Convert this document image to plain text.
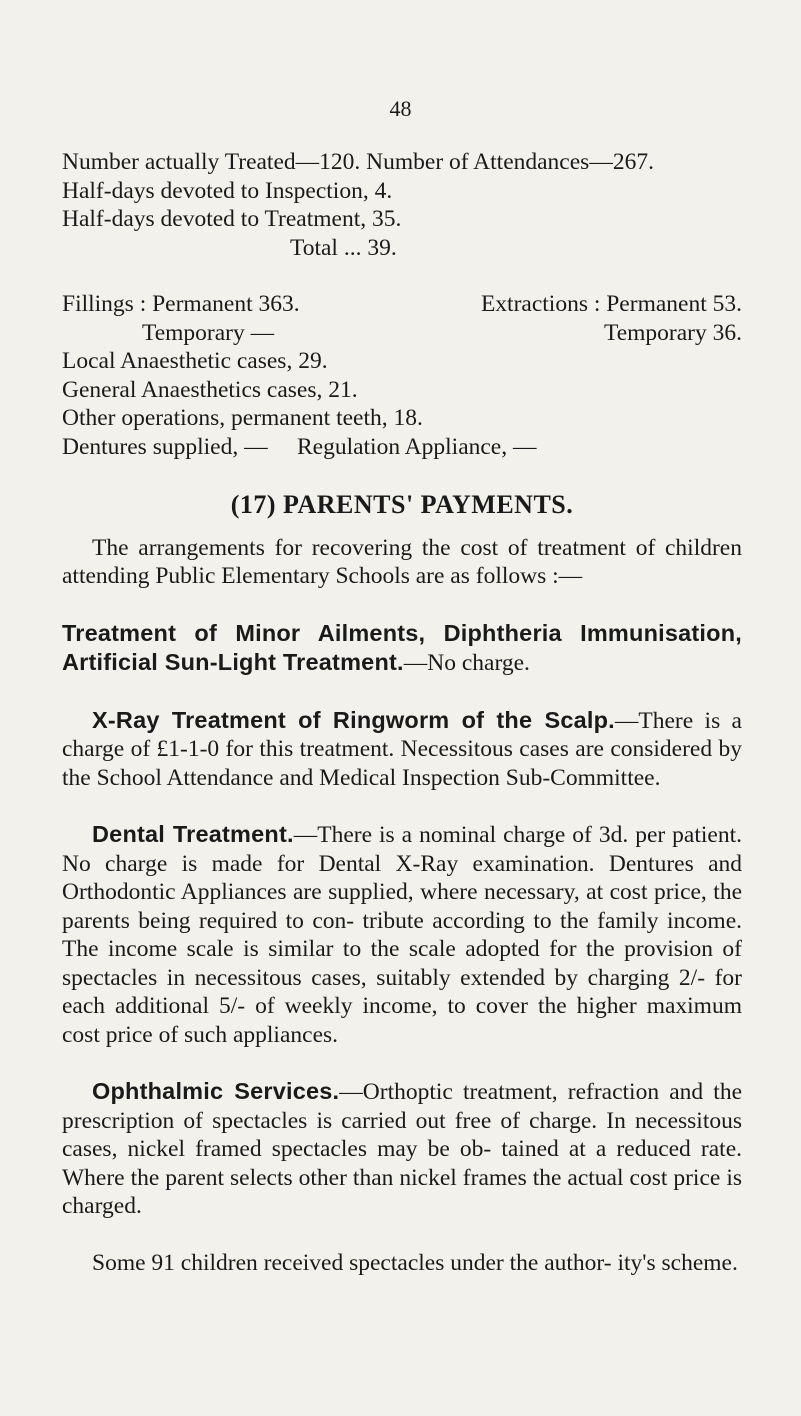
48
Number actually Treated—120. Number of Attendances—267.
Half-days devoted to Inspection, 4.
Half-days devoted to Treatment, 35.
Total ... 39.
Fillings : Permanent 363.	Extractions : Permanent 53.
Temporary —	Temporary 36.
Local Anaesthetic cases, 29.
General Anaesthetics cases, 21.
Other operations, permanent teeth, 18.
Dentures supplied, —     Regulation Appliance, —
(17) PARENTS' PAYMENTS.
The arrangements for recovering the cost of treatment of children attending Public Elementary Schools are as follows :—
Treatment of Minor Ailments, Diphtheria Immunisation, Artificial Sun-Light Treatment.—No charge.
X-Ray Treatment of Ringworm of the Scalp.—There is a charge of £1-1-0 for this treatment. Necessitous cases are considered by the School Attendance and Medical Inspection Sub-Committee.
Dental Treatment.—There is a nominal charge of 3d. per patient. No charge is made for Dental X-Ray examination. Dentures and Orthodontic Appliances are supplied, where necessary, at cost price, the parents being required to con- tribute according to the family income. The income scale is similar to the scale adopted for the provision of spectacles in necessitous cases, suitably extended by charging 2/- for each additional 5/- of weekly income, to cover the higher maximum cost price of such appliances.
Ophthalmic Services.—Orthoptic treatment, refraction and the prescription of spectacles is carried out free of charge. In necessitous cases, nickel framed spectacles may be ob- tained at a reduced rate. Where the parent selects other than nickel frames the actual cost price is charged.
Some 91 children received spectacles under the author- ity's scheme.
